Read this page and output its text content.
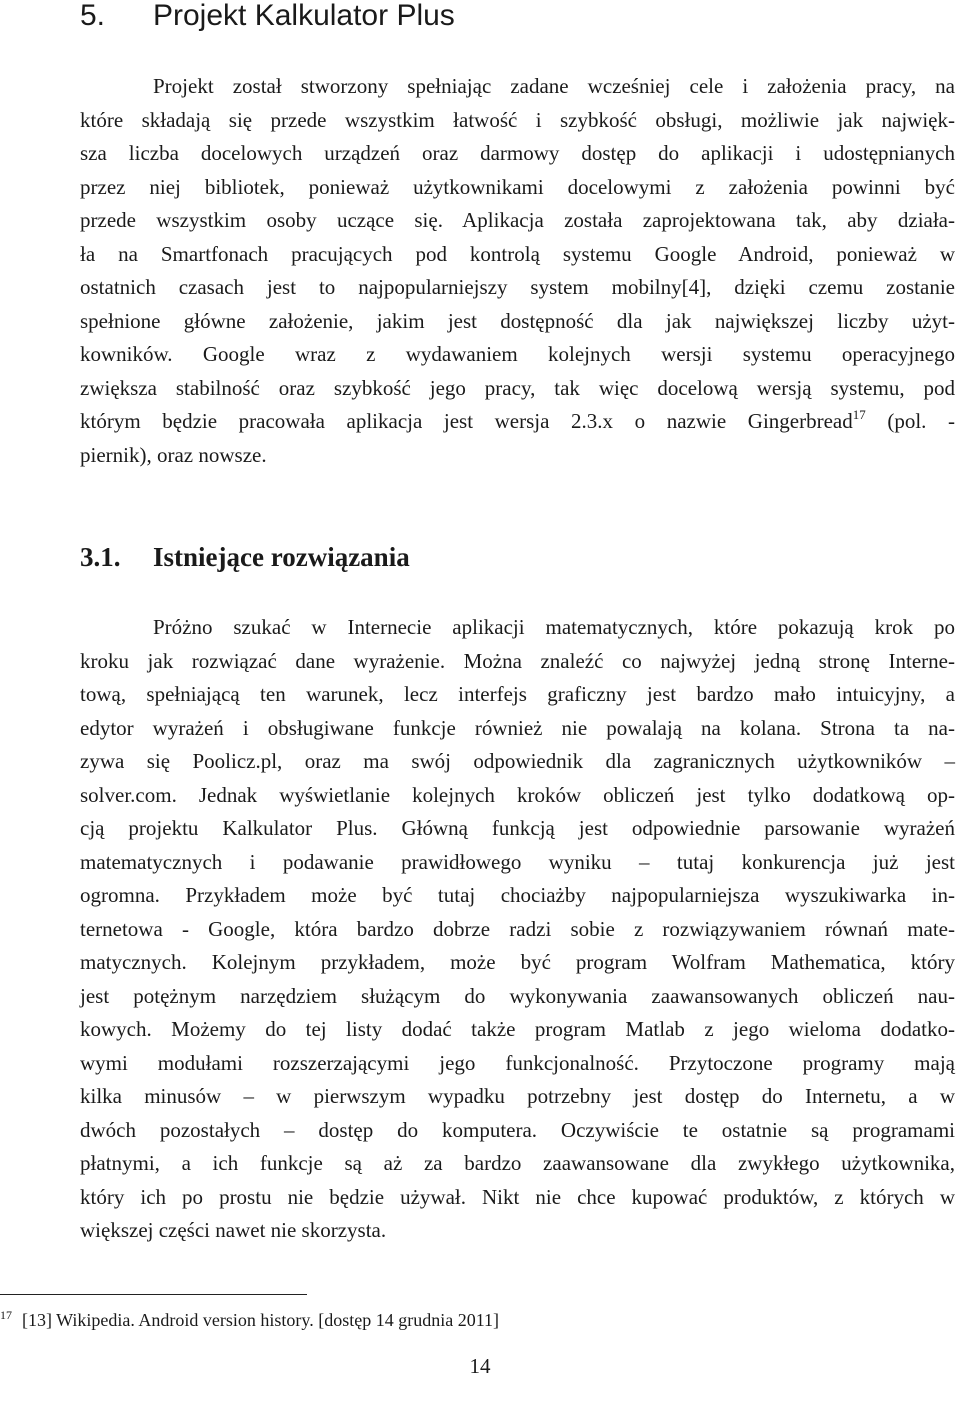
5. Projekt Kalkulator Plus
Projekt został stworzony spełniając zadane wcześniej cele i założenia pracy, na
które składają się przede wszystkim łatwość i szybkość obsługi, możliwie jak najwięk-
sza liczba docelowych urządzeń oraz darmowy dostęp do aplikacji i udostępnianych
przez niej bibliotek, ponieważ użytkownikami docelowymi z założenia powinni być
przede wszystkim osoby uczące się. Aplikacja została zaprojektowana tak, aby działa-
ła na Smartfonach pracujących pod kontrolą systemu Google Android, ponieważ w
ostatnich czasach jest to najpopularniejszy system mobilny[4], dzięki czemu zostanie
spełnione główne założenie, jakim jest dostępność dla jak największej liczby użyt-
kowników. Google wraz z wydawaniem kolejnych wersji systemu operacyjnego
zwiększa stabilność oraz szybkość jego pracy, tak więc docelową wersją systemu, pod
którym będzie pracowała aplikacja jest wersja 2.3.x o nazwie Gingerbread$^{17}$ (pol. -
piernik), oraz nowsze.
3.1. Istniejące rozwiązania
Próżno szukać w Internecie aplikacji matematycznych, które pokazują krok po
kroku jak rozwiązać dane wyrażenie. Można znaleźć co najwyżej jedną stronę Interne-
tową, spełniającą ten warunek, lecz interfejs graficzny jest bardzo mało intuicyjny, a
edytor wyrażeń i obsługiwane funkcje również nie powalają na kolana. Strona ta na-
zywa się Poolicz.pl, oraz ma swój odpowiednik dla zagranicznych użytkowników –
solver.com. Jednak wyświetlanie kolejnych kroków obliczeń jest tylko dodatkową op-
cją projektu Kalkulator Plus. Główną funkcją jest odpowiednie parsowanie wyrażeń
matematycznych i podawanie prawidłowego wyniku – tutaj konkurencja już jest
ogromna. Przykładem może być tutaj chociażby najpopularniejsza wyszukiwarka in-
ternetowa - Google, która bardzo dobrze radzi sobie z rozwiązywaniem równań mate-
matycznych. Kolejnym przykładem, może być program Wolfram Mathematica, który
jest potężnym narzędziem służącym do wykonywania zaawansowanych obliczeń nau-
kowych. Możemy do tej listy dodać także program Matlab z jego wieloma dodatko-
wymi modułami rozszerzającymi jego funkcjonalność. Przytoczone programy mają
kilka minusów – w pierwszym wypadku potrzebny jest dostęp do Internetu, a w
dwóch pozostałych – dostęp do komputera. Oczywiście te ostatnie są programami
płatnymi, a ich funkcje są aż za bardzo zaawansowane dla zwykłego użytkownika,
który ich po prostu nie będzie używał. Nikt nie chce kupować produktów, z których w
większej części nawet nie skorzysta.
$^{17}$ [13] Wikipedia. Android version history. [dostęp 14 grudnia 2011]
14
